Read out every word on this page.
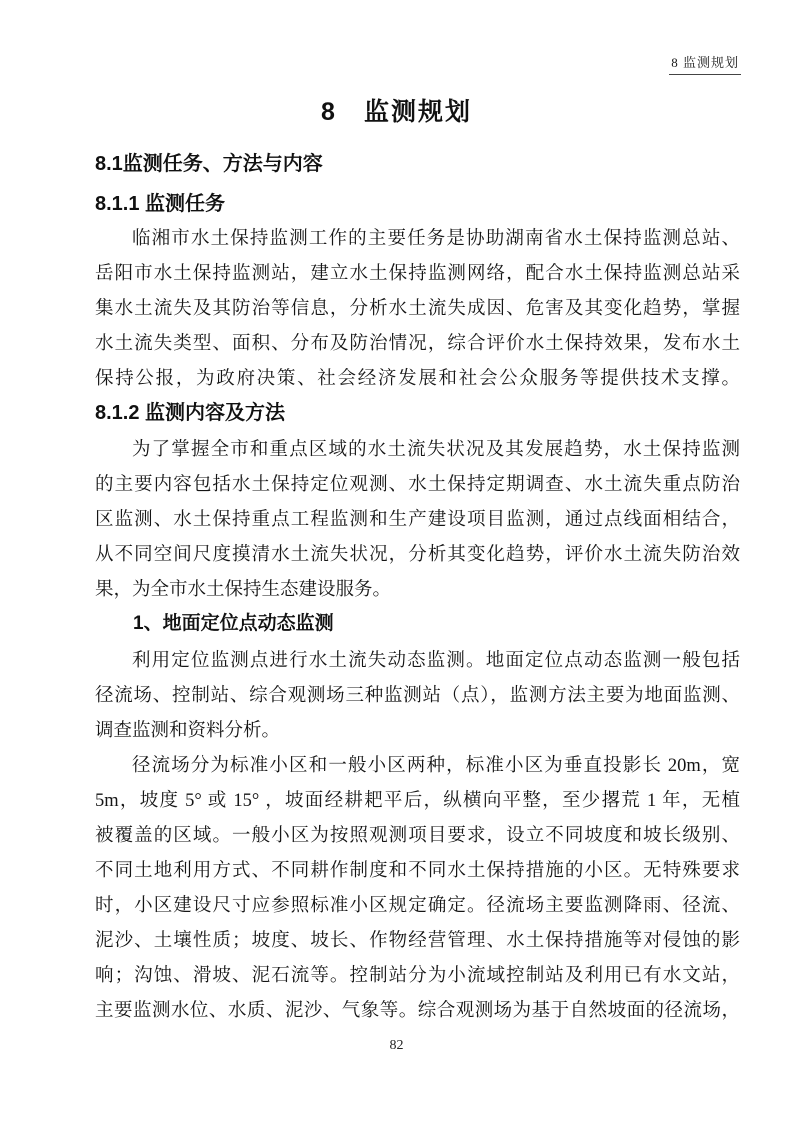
8 监测规划
8　监测规划
8.1监测任务、方法与内容
8.1.1 监测任务
临湘市水土保持监测工作的主要任务是协助湖南省水土保持监测总站、
岳阳市水土保持监测站，建立水土保持监测网络，配合水土保持监测总站采
集水土流失及其防治等信息，分析水土流失成因、危害及其变化趋势，掌握
水土流失类型、面积、分布及防治情况，综合评价水土保持效果，发布水土
保持公报，为政府决策、社会经济发展和社会公众服务等提供技术支撑。
8.1.2 监测内容及方法
为了掌握全市和重点区域的水土流失状况及其发展趋势，水土保持监测
的主要内容包括水土保持定位观测、水土保持定期调查、水土流失重点防治
区监测、水土保持重点工程监测和生产建设项目监测，通过点线面相结合，
从不同空间尺度摸清水土流失状况，分析其变化趋势，评价水土流失防治效
果，为全市水土保持生态建设服务。
1、地面定位点动态监测
利用定位监测点进行水土流失动态监测。地面定位点动态监测一般包括
径流场、控制站、综合观测场三种监测站（点），监测方法主要为地面监测、
调查监测和资料分析。
径流场分为标准小区和一般小区两种，标准小区为垂直投影长 20m，宽
5m，坡度 5° 或 15° ，坡面经耕耙平后，纵横向平整，至少撂荒 1 年，无植
被覆盖的区域。一般小区为按照观测项目要求，设立不同坡度和坡长级别、
不同土地利用方式、不同耕作制度和不同水土保持措施的小区。无特殊要求
时，小区建设尺寸应参照标准小区规定确定。径流场主要监测降雨、径流、
泥沙、土壤性质；坡度、坡长、作物经营管理、水土保持措施等对侵蚀的影
响；沟蚀、滑坡、泥石流等。控制站分为小流域控制站及利用已有水文站，
主要监测水位、水质、泥沙、气象等。综合观测场为基于自然坡面的径流场，
82
